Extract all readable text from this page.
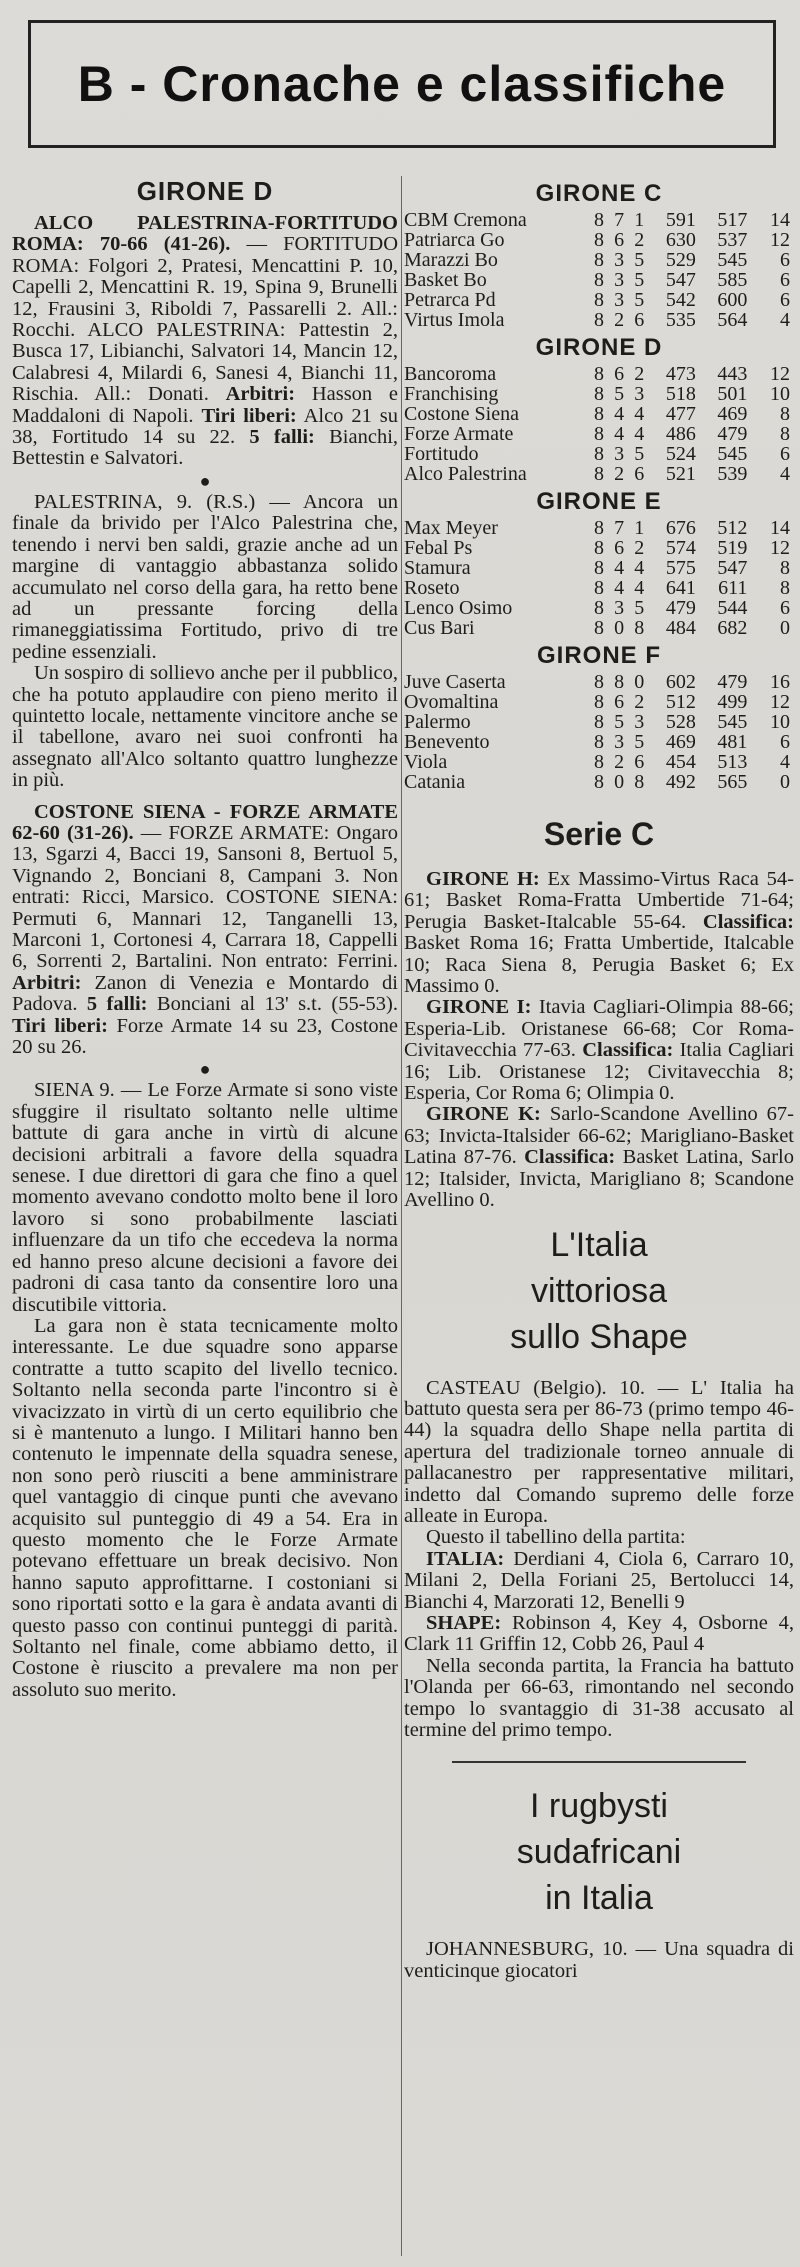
B - Cronache e classifiche
GIRONE D

ALCO PALESTRINA-FORTITUDO ROMA: 70-66 (41-26). — FORTITUDO ROMA: Folgori 2, Pratesi, Mencattini P. 10, Capelli 2, Mencattini R. 19, Spina 9, Brunelli 12, Frausini 3, Riboldi 7, Passarelli 2. All.: Rocchi. ALCO PALESTRINA: Pattestin 2, Busca 17, Libianchi, Salvatori 14, Mancin 12, Calabresi 4, Milardi 6, Sanesi 4, Bianchi 11, Rischia. All.: Donati. Arbitri: Hasson e Maddaloni di Napoli. Tiri liberi: Alco 21 su 38, Fortitudo 14 su 22. 5 falli: Bianchi, Bettestin e Salvatori.

●

PALESTRINA, 9. (R.S.) — Ancora un finale da brivido per l'Alco Palestrina che, tenendo i nervi ben saldi, grazie anche ad un margine di vantaggio abbastanza solido accumulato nel corso della gara, ha retto bene ad un pressante forcing della rimaneggiatissima Fortitudo, privo di tre pedine essenziali.

Un sospiro di sollievo anche per il pubblico, che ha potuto applaudire con pieno merito il quintetto locale, nettamente vincitore anche se il tabellone, avaro nei suoi confronti ha assegnato all'Alco soltanto quattro lunghezze in più.

COSTONE SIENA - FORZE ARMATE 62-60 (31-26). — FORZE ARMATE: Ongaro 13, Sgarzi 4, Bacci 19, Sansoni 8, Bertuol 5, Vignando 2, Bonciani 8, Campani 3. Non entrati: Ricci, Marsico. COSTONE SIENA: Permuti 6, Mannari 12, Tanganelli 13, Marconi 1, Cortonesi 4, Carrara 18, Cappelli 6, Sorrenti 2, Bartalini. Non entrato: Ferrini. Arbitri: Zanon di Venezia e Montardo di Padova. 5 falli: Bonciani al 13' s.t. (55-53). Tiri liberi: Forze Armate 14 su 23, Costone 20 su 26.

●

SIENA 9. — Le Forze Armate si sono viste sfuggire il risultato soltanto nelle ultime battute di gara anche in virtù di alcune decisioni arbitrali a favore della squadra senese. I due direttori di gara che fino a quel momento avevano condotto molto bene il loro lavoro si sono probabilmente lasciati influenzare da un tifo che eccedeva la norma ed hanno preso alcune decisioni a favore dei padroni di casa tanto da consentire loro una discutibile vittoria.

La gara non è stata tecnicamente molto interessante. Le due squadre sono apparse contratte a tutto scapito del livello tecnico. Soltanto nella seconda parte l'incontro si è vivacizzato in virtù di un certo equilibrio che si è mantenuto a lungo. I Militari hanno ben contenuto le impennate della squadra senese, non sono però riusciti a bene amministrare quel vantaggio di cinque punti che avevano acquisito sul punteggio di 49 a 54. Era in questo momento che le Forze Armate potevano effettuare un break decisivo. Non hanno saputo approfittarne. I costoniani si sono riportati sotto e la gara è andata avanti di questo passo con continui punteggi di parità. Soltanto nel finale, come abbiamo detto, il Costone è riuscito a prevalere ma non per assoluto suo merito.

GIRONE C
CBM Cremona	8	7	1	591	517	14
Patriarca Go	8	6	2	630	537	12
Marazzi Bo	8	3	5	529	545	6
Basket Bo	8	3	5	547	585	6
Petrarca Pd	8	3	5	542	600	6
Virtus Imola	8	2	6	535	564	4
GIRONE D
Bancoroma	8	6	2	473	443	12
Franchising	8	5	3	518	501	10
Costone Siena	8	4	4	477	469	8
Forze Armate	8	4	4	486	479	8
Fortitudo	8	3	5	524	545	6
Alco Palestrina	8	2	6	521	539	4
GIRONE E
Max Meyer	8	7	1	676	512	14
Febal Ps	8	6	2	574	519	12
Stamura	8	4	4	575	547	8
Roseto	8	4	4	641	611	8
Lenco Osimo	8	3	5	479	544	6
Cus Bari	8	0	8	484	682	0
GIRONE F
Juve Caserta	8	8	0	602	479	16
Ovomaltina	8	6	2	512	499	12
Palermo	8	5	3	528	545	10
Benevento	8	3	5	469	481	6
Viola	8	2	6	454	513	4
Catania	8	0	8	492	565	0
Serie C

GIRONE H: Ex Massimo-Virtus Raca 54-61; Basket Roma-Fratta Umbertide 71-64; Perugia Basket-Italcable 55-64. Classifica: Basket Roma 16; Fratta Umbertide, Italcable 10; Raca Siena 8, Perugia Basket 6; Ex Massimo 0.

GIRONE I: Itavia Cagliari-Olimpia 88-66; Esperia-Lib. Oristanese 66-68; Cor Roma-Civitavecchia 77-63. Classifica: Italia Cagliari 16; Lib. Oristanese 12; Civitavecchia 8; Esperia, Cor Roma 6; Olimpia 0.

GIRONE K: Sarlo-Scandone Avellino 67-63; Invicta-Italsider 66-62; Marigliano-Basket Latina 87-76. Classifica: Basket Latina, Sarlo 12; Italsider, Invicta, Marigliano 8; Scandone Avellino 0.

L'Italia
vittoriosa
sullo Shape

CASTEAU (Belgio). 10. — L' Italia ha battuto questa sera per 86-73 (primo tempo 46-44) la squadra dello Shape nella partita di apertura del tradizionale torneo annuale di pallacanestro per rappresentative militari, indetto dal Comando supremo delle forze alleate in Europa.

Questo il tabellino della partita:

ITALIA: Derdiani 4, Ciola 6, Carraro 10, Milani 2, Della Foriani 25, Bertolucci 14, Bianchi 4, Marzorati 12, Benelli 9

SHAPE: Robinson 4, Key 4, Osborne 4, Clark 11 Griffin 12, Cobb 26, Paul 4

Nella seconda partita, la Francia ha battuto l'Olanda per 66-63, rimontando nel secondo tempo lo svantaggio di 31-38 accusato al termine del primo tempo.

I rugbysti
sudafricani
in Italia

JOHANNESBURG, 10. — Una squadra di venticinque giocatori
